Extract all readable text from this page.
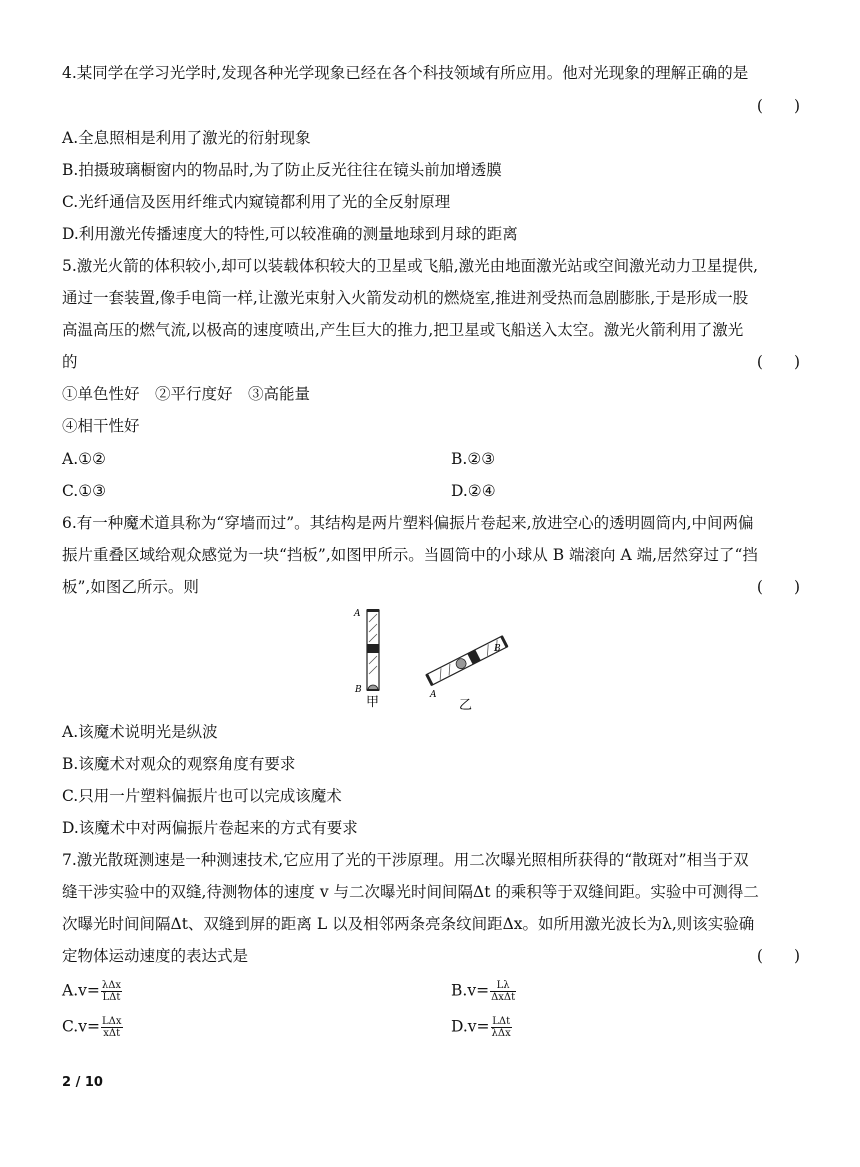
4.某同学在学习光学时,发现各种光学现象已经在各个科技领域有所应用。他对光现象的理解正确的是
(　　)
A.全息照相是利用了激光的衍射现象
B.拍摄玻璃橱窗内的物品时,为了防止反光往往在镜头前加增透膜
C.光纤通信及医用纤维式内窥镜都利用了光的全反射原理
D.利用激光传播速度大的特性,可以较准确的测量地球到月球的距离
5.激光火箭的体积较小,却可以装载体积较大的卫星或飞船,激光由地面激光站或空间激光动力卫星提供,
通过一套装置,像手电筒一样,让激光束射入火箭发动机的燃烧室,推进剂受热而急剧膨胀,于是形成一股
高温高压的燃气流,以极高的速度喷出,产生巨大的推力,把卫星或飞船送入太空。激光火箭利用了激光
的	(　　)
①单色性好　②平行度好　③高能量
④相干性好
A.①②	B.②③
C.①③	D.②④
6.有一种魔术道具称为“穿墙而过”。其结构是两片塑料偏振片卷起来,放进空心的透明圆筒内,中间两偏
振片重叠区域给观众感觉为一块“挡板”,如图甲所示。当圆筒中的小球从 B 端滚向 A 端,居然穿过了“挡
板”,如图乙所示。则	(　　)
A
B
甲	A
B
乙
A.该魔术说明光是纵波
B.该魔术对观众的观察角度有要求
C.只用一片塑料偏振片也可以完成该魔术
D.该魔术中对两偏振片卷起来的方式有要求
7.激光散斑测速是一种测速技术,它应用了光的干涉原理。用二次曝光照相所获得的“散斑对”相当于双
缝干涉实验中的双缝,待测物体的速度 v 与二次曝光时间间隔Δt 的乘积等于双缝间距。实验中可测得二
次曝光时间间隔Δt、双缝到屏的距离 L 以及相邻两条亮条纹间距Δx。如所用激光波长为λ,则该实验确
定物体运动速度的表达式是	(　　)
$A.v= \frac{\text{λΔx}}{\text{LΔt}}$	$B.v= \frac{L\lambda}{\text{ΔxΔt}}$
$C.v= \frac{\text{LΔx}}{\text{xΔt}}$	$D.v= \frac{\text{LΔt}}{\text{λΔx}}$
2 / 10
